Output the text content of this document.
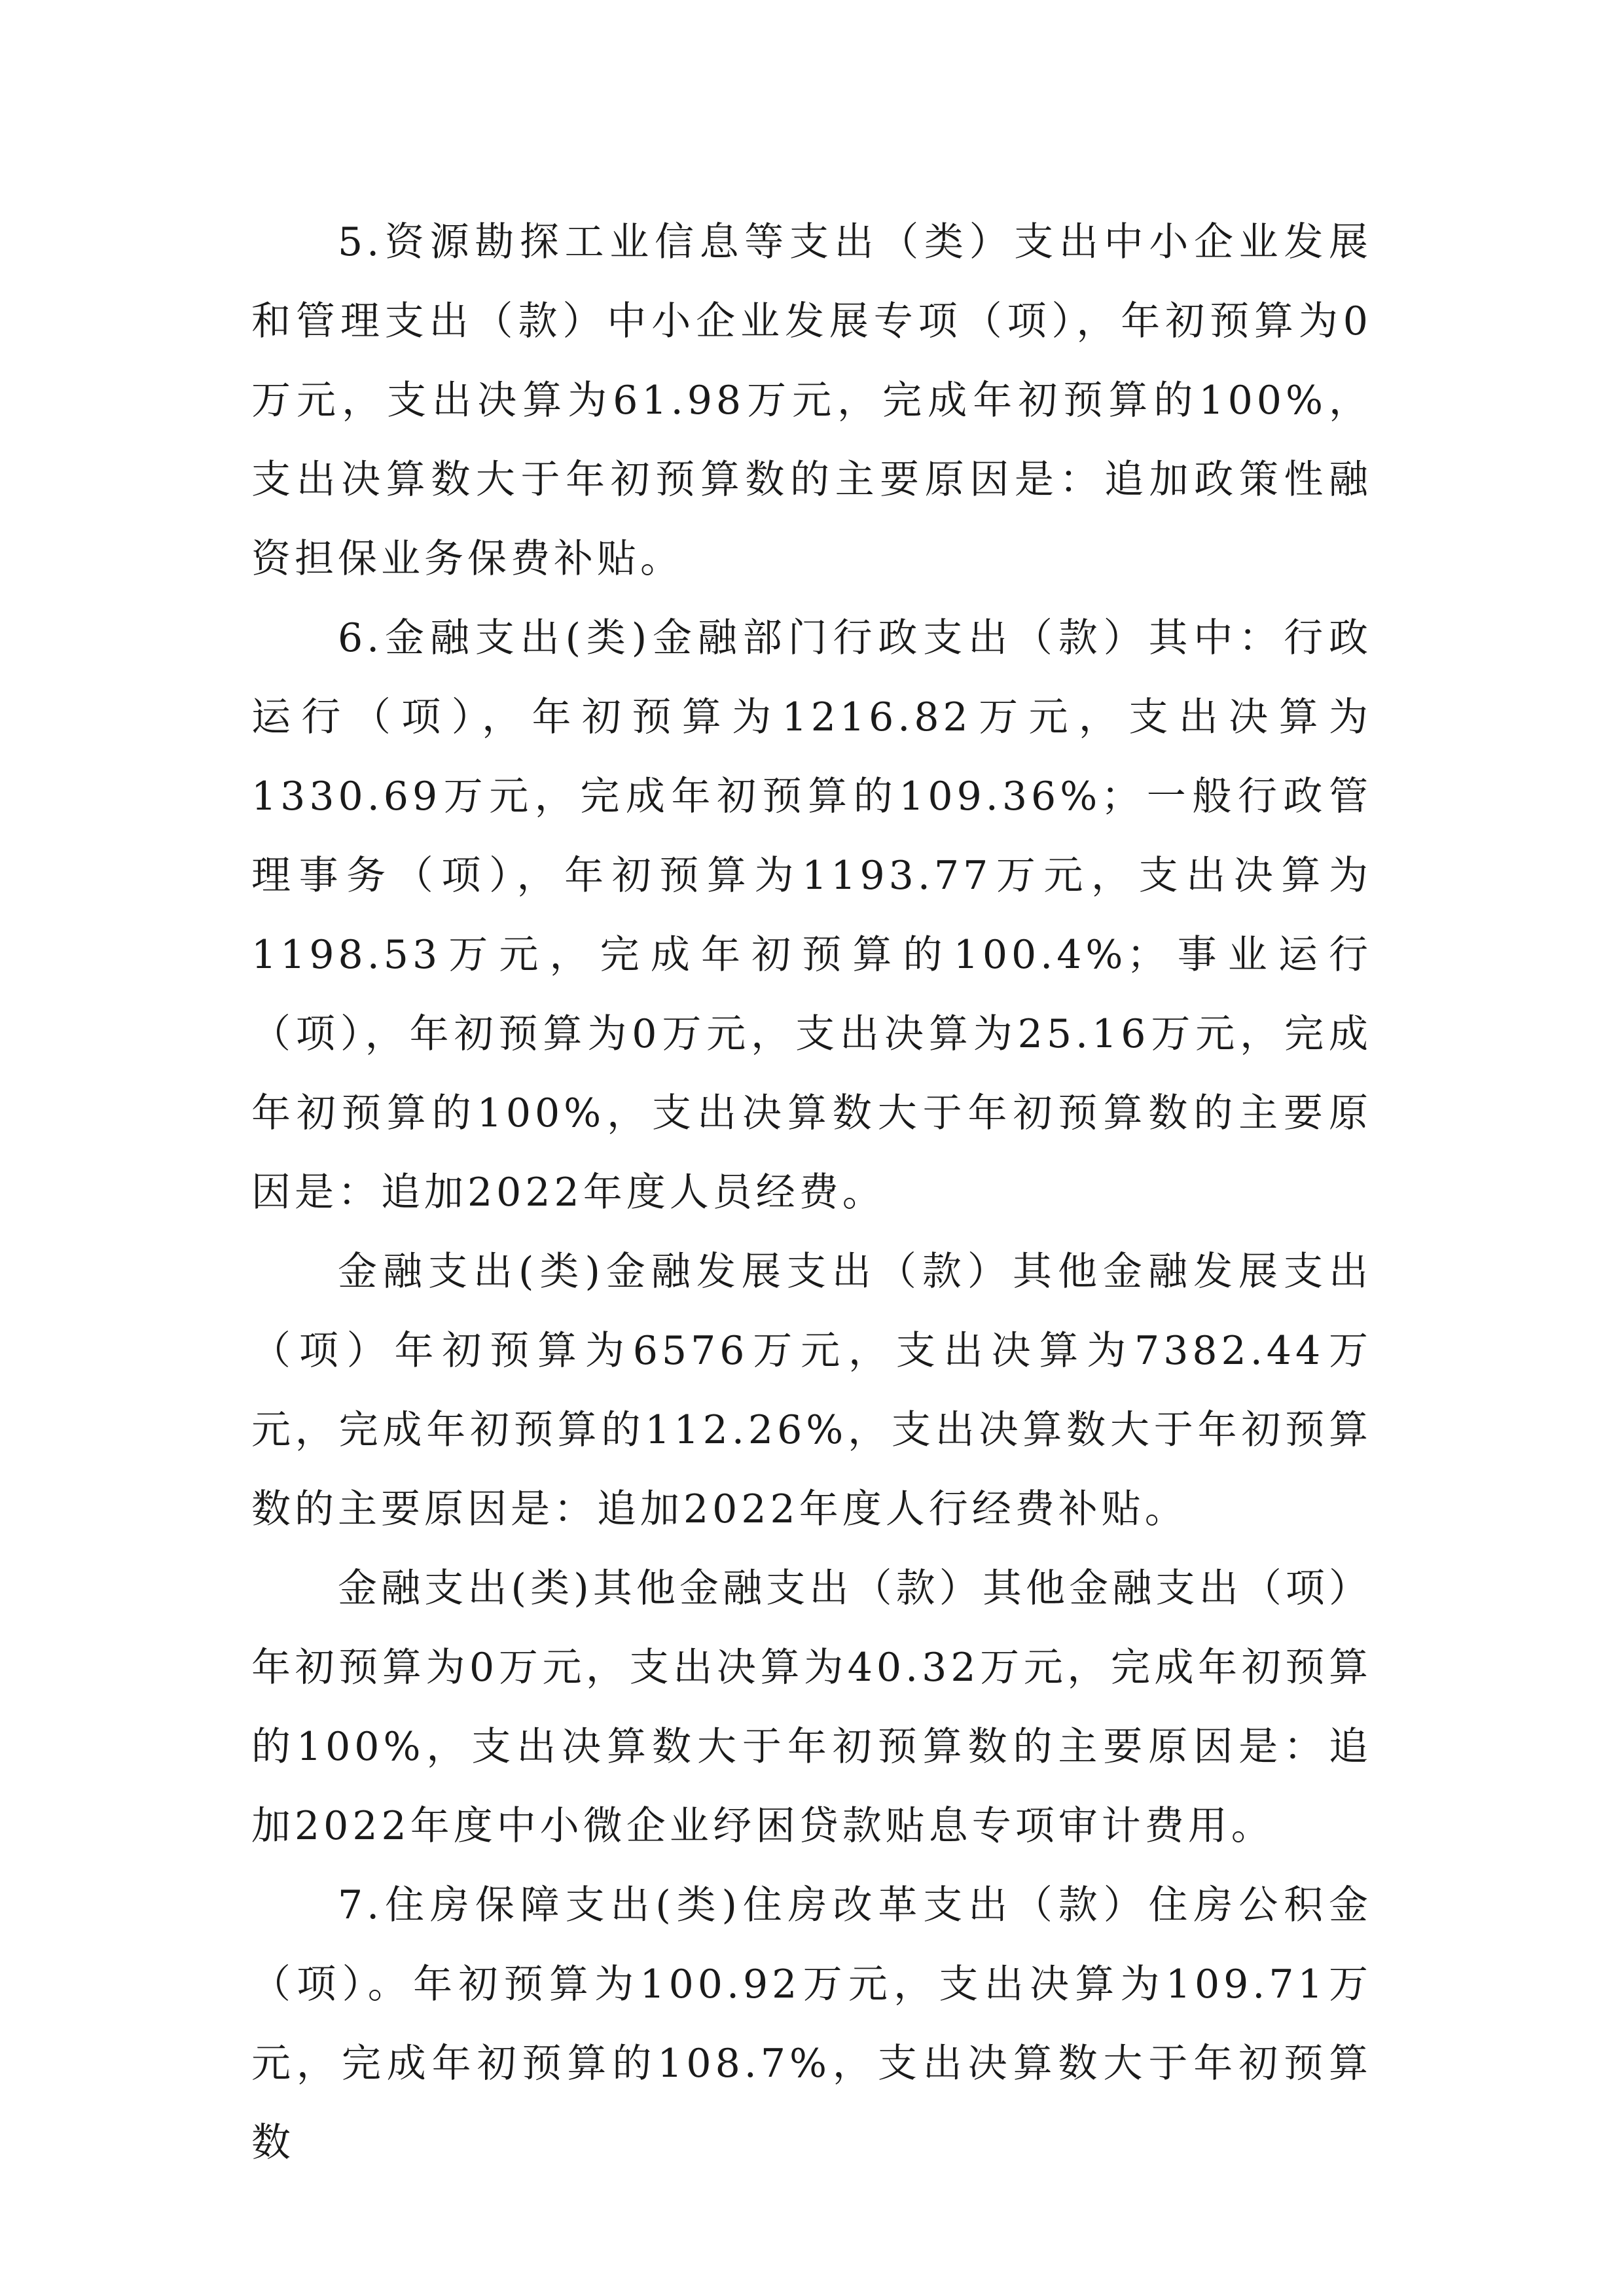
5.资源勘探工业信息等支出（类）支出中小企业发展和管理支出（款）中小企业发展专项（项），年初预算为0万元，支出决算为61.98万元，完成年初预算的100%，支出决算数大于年初预算数的主要原因是：追加政策性融资担保业务保费补贴。

6.金融支出(类)金融部门行政支出（款）其中：行政运行（项），年初预算为1216.82万元，支出决算为1330.69万元，完成年初预算的109.36%；一般行政管理事务（项），年初预算为1193.77万元，支出决算为1198.53万元，完成年初预算的100.4%；事业运行（项），年初预算为0万元，支出决算为25.16万元，完成年初预算的100%，支出决算数大于年初预算数的主要原因是：追加2022年度人员经费。

金融支出(类)金融发展支出（款）其他金融发展支出（项）年初预算为6576万元，支出决算为7382.44万元，完成年初预算的112.26%，支出决算数大于年初预算数的主要原因是：追加2022年度人行经费补贴。

金融支出(类)其他金融支出（款）其他金融支出（项）年初预算为0万元，支出决算为40.32万元，完成年初预算的100%，支出决算数大于年初预算数的主要原因是：追加2022年度中小微企业纾困贷款贴息专项审计费用。

7.住房保障支出(类)住房改革支出（款）住房公积金（项）。年初预算为100.92万元，支出决算为109.71万元，完成年初预算的108.7%，支出决算数大于年初预算数
